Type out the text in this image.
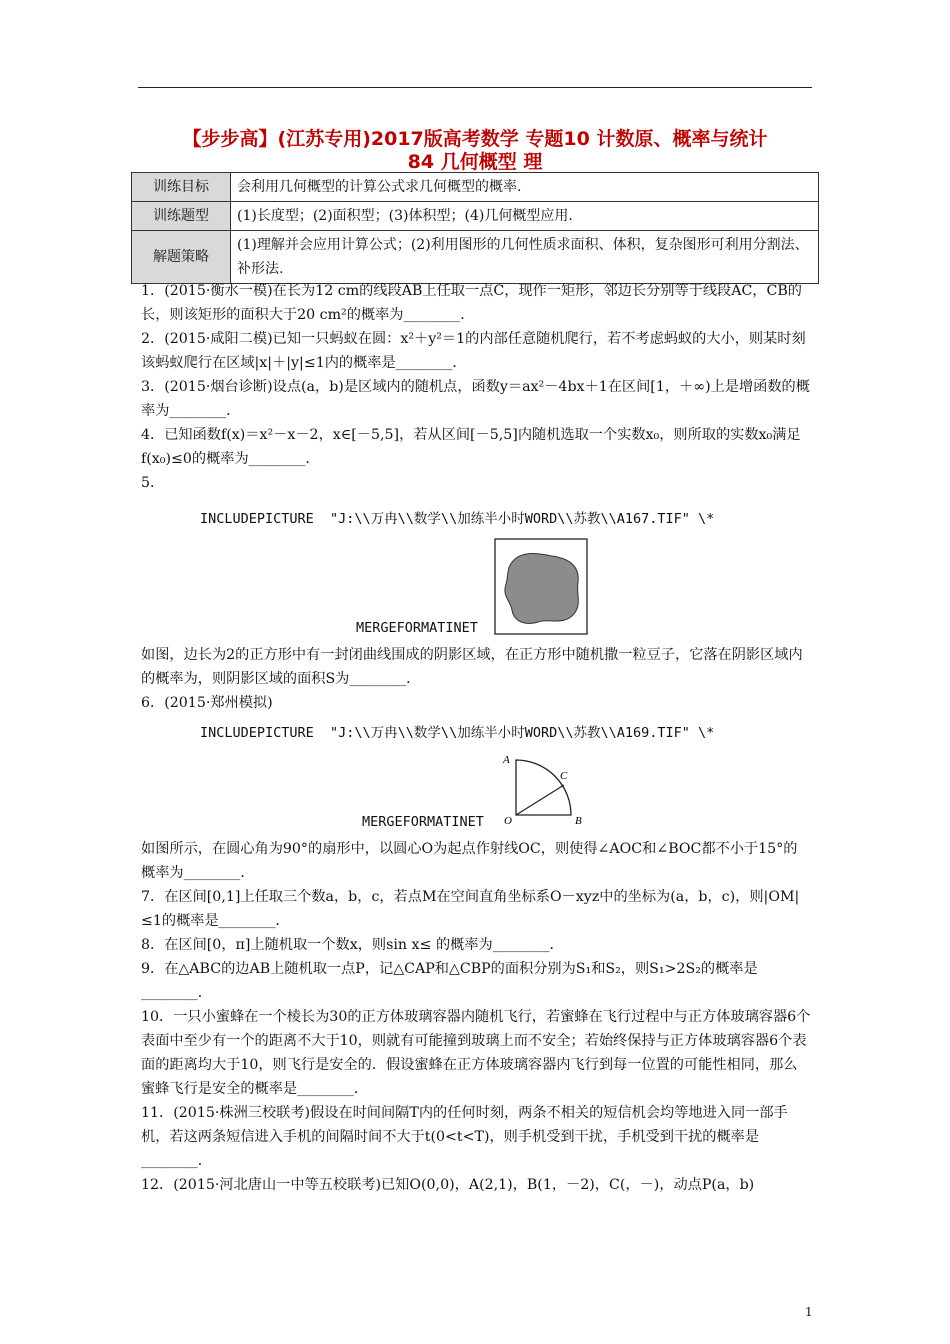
【步步高】(江苏专用)2017版高考数学 专题10 计数原、概率与统计
84 几何概型 理
训练目标	会利用几何概型的计算公式求几何概型的概率.
训练题型	(1)长度型；(2)面积型；(3)体积型；(4)几何概型应用.
解题策略	(1)理解并会应用计算公式；(2)利用图形的几何性质求面积、体积，复杂图形可利用分割法、补形法.

1．(2015·衡水一模)在长为12 cm的线段AB上任取一点C，现作一矩形，邻边长分别等于线段AC，CB的长，则该矩形的面积大于20 cm²的概率为________．

2．(2015·咸阳二模)已知一只蚂蚁在圆：x²＋y²＝1的内部任意随机爬行，若不考虑蚂蚁的大小，则某时刻该蚂蚁爬行在区域|x|＋|y|≤1内的概率是________．

3．(2015·烟台诊断)设点(a，b)是区域内的随机点，函数y＝ax²－4bx＋1在区间[1，＋∞)上是增函数的概率为________．

4．已知函数f(x)＝x²－x－2，x∈[－5,5]，若从区间[－5,5]内随机选取一个实数x₀，则所取的实数x₀满足f(x₀)≤0的概率为________．

5．

INCLUDEPICTURE  "J:\\万冉\\数学\\加练半小时WORD\\苏教\\A167.TIF" \*
MERGEFORMATINET

如图，边长为2的正方形中有一封闭曲线围成的阴影区域，在正方形中随机撒一粒豆子，它落在阴影区域内的概率为，则阴影区域的面积S为________．

6．(2015·郑州模拟)

INCLUDEPICTURE  "J:\\万冉\\数学\\加练半小时WORD\\苏教\\A169.TIF" \*
A
C
O	B
MERGEFORMATINET

如图所示，在圆心角为90°的扇形中，以圆心O为起点作射线OC，则使得∠AOC和∠BOC都不小于15°的概率为________．

7．在区间[0,1]上任取三个数a，b，c，若点M在空间直角坐标系O－xyz中的坐标为(a，b，c)，则|OM|≤1的概率是________．

8．在区间[0，π]上随机取一个数x，则sin x≤ 的概率为________．

9．在△ABC的边AB上随机取一点P，记△CAP和△CBP的面积分别为S₁和S₂，则S₁>2S₂的概率是________．

10．一只小蜜蜂在一个棱长为30的正方体玻璃容器内随机飞行，若蜜蜂在飞行过程中与正方体玻璃容器6个表面中至少有一个的距离不大于10，则就有可能撞到玻璃上而不安全；若始终保持与正方体玻璃容器6个表面的距离均大于10，则飞行是安全的．假设蜜蜂在正方体玻璃容器内飞行到每一位置的可能性相同，那么蜜蜂飞行是安全的概率是________．

11．(2015·株洲三校联考)假设在时间间隔T内的任何时刻，两条不相关的短信机会均等地进入同一部手机，若这两条短信进入手机的间隔时间不大于t(0<t<T)，则手机受到干扰，手机受到干扰的概率是________．

12．(2015·河北唐山一中等五校联考)已知O(0,0)，A(2,1)，B(1，－2)，C(，－)，动点P(a，b)

1
